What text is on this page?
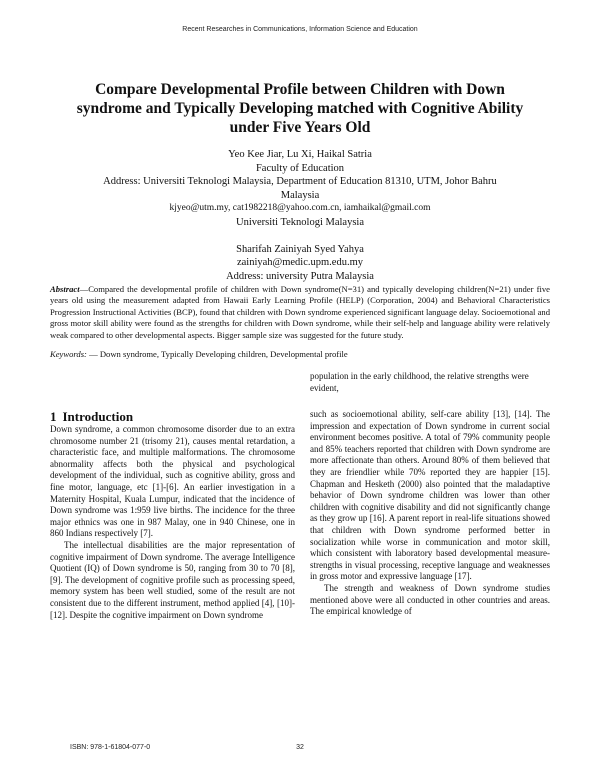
Recent Researches in Communications, Information Science and Education
Compare Developmental Profile between Children with Down syndrome and Typically Developing matched with Cognitive Ability under Five Years Old
Yeo Kee Jiar, Lu Xi, Haikal Satria
Faculty of Education
Address: Universiti Teknologi Malaysia, Department of Education 81310, UTM, Johor Bahru
Malaysia
kjyeo@utm.my, cat1982218@yahoo.com.cn, iamhaikal@gmail.com
Universiti Teknologi Malaysia
Sharifah Zainiyah Syed Yahya
zainiyah@medic.upm.edu.my
Address: university Putra Malaysia
Abstract—Compared the developmental profile of children with Down syndrome(N=31) and typically developing children(N=21) under five years old using the measurement adapted from Hawaii Early Learning Profile (HELP) (Corporation, 2004) and Behavioral Characteristics Progression Instructional Activities (BCP), found that children with Down syndrome experienced significant language delay. Socioemotional and gross motor skill ability were found as the strengths for children with Down syndrome, while their self-help and language ability were relatively weak compared to other developmental aspects. Bigger sample size was suggested for the future study.
Keywords: — Down syndrome, Typically Developing children, Developmental profile
1 Introduction

Down syndrome, a common chromosome disorder due to an extra chromosome number 21 (trisomy 21), causes mental retardation, a characteristic face, and multiple malformations. The chromosome abnormality affects both the physical and psychological development of the individual, such as cognitive ability, gross and fine motor, language, etc [1]-[6]. An earlier investigation in a Maternity Hospital, Kuala Lumpur, indicated that the incidence of Down syndrome was 1:959 live births. The incidence for the three major ethnics was one in 987 Malay, one in 940 Chinese, one in 860 Indians respectively [7].

The intellectual disabilities are the major representation of cognitive impairment of Down syndrome. The average Intelligence Quotient (IQ) of Down syndrome is 50, ranging from 30 to 70 [8], [9]. The development of cognitive profile such as processing speed, memory system has been well studied, some of the result are not consistent due to the different instrument, method applied [4], [10]-[12]. Despite the cognitive impairment on Down syndrome

population in the early childhood, the relative strengths were evident,

such as socioemotional ability, self-care ability [13], [14]. The impression and expectation of Down syndrome in current social environment becomes positive. A total of 79% community people and 85% teachers reported that children with Down syndrome are more affectionate than others. Around 80% of them believed that they are friendlier while 70% reported they are happier [15]. Chapman and Hesketh (2000) also pointed that the maladaptive behavior of Down syndrome children was lower than other children with cognitive disability and did not significantly change as they grow up [16]. A parent report in real-life situations showed that children with Down syndrome performed better in socialization while worse in communication and motor skill, which consistent with laboratory based developmental measure- strengths in visual processing, receptive language and weaknesses in gross motor and expressive language [17].

The strength and weakness of Down syndrome studies mentioned above were all conducted in other countries and areas. The empirical knowledge of

ISBN: 978-1-61804-077-0	32
